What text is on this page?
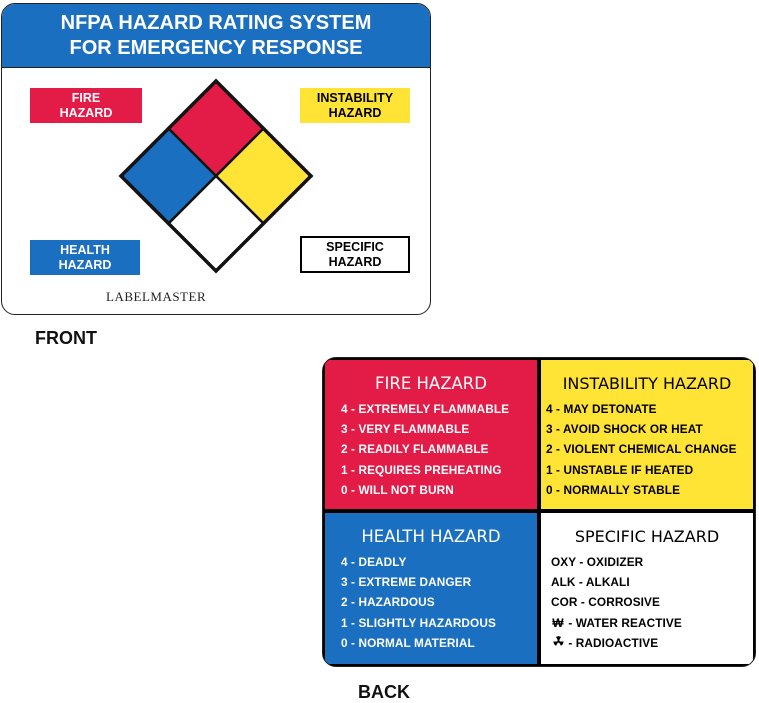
NFPA HAZARD RATING SYSTEM
FOR EMERGENCY RESPONSE
FIRE
HAZARD
INSTABILITY
HAZARD
HEALTH
HAZARD
SPECIFIC
HAZARD
LABELMASTER
FRONT
FIRE HAZARD
4 - EXTREMELY FLAMMABLE
3 - VERY FLAMMABLE
2 - READILY FLAMMABLE
1 - REQUIRES PREHEATING
0 - WILL NOT BURN
INSTABILITY HAZARD
4 - MAY DETONATE
3 - AVOID SHOCK OR HEAT
2 - VIOLENT CHEMICAL CHANGE
1 - UNSTABLE IF HEATED
0 - NORMALLY STABLE
HEALTH HAZARD
4 - DEADLY
3 - EXTREME DANGER
2 - HAZARDOUS
1 - SLIGHTLY HAZARDOUS
0 - NORMAL MATERIAL
SPECIFIC HAZARD
OXY - OXIDIZER
ALK - ALKALI
COR - CORROSIVE
₩ - WATER REACTIVE
- RADIOACTIVE
BACK
